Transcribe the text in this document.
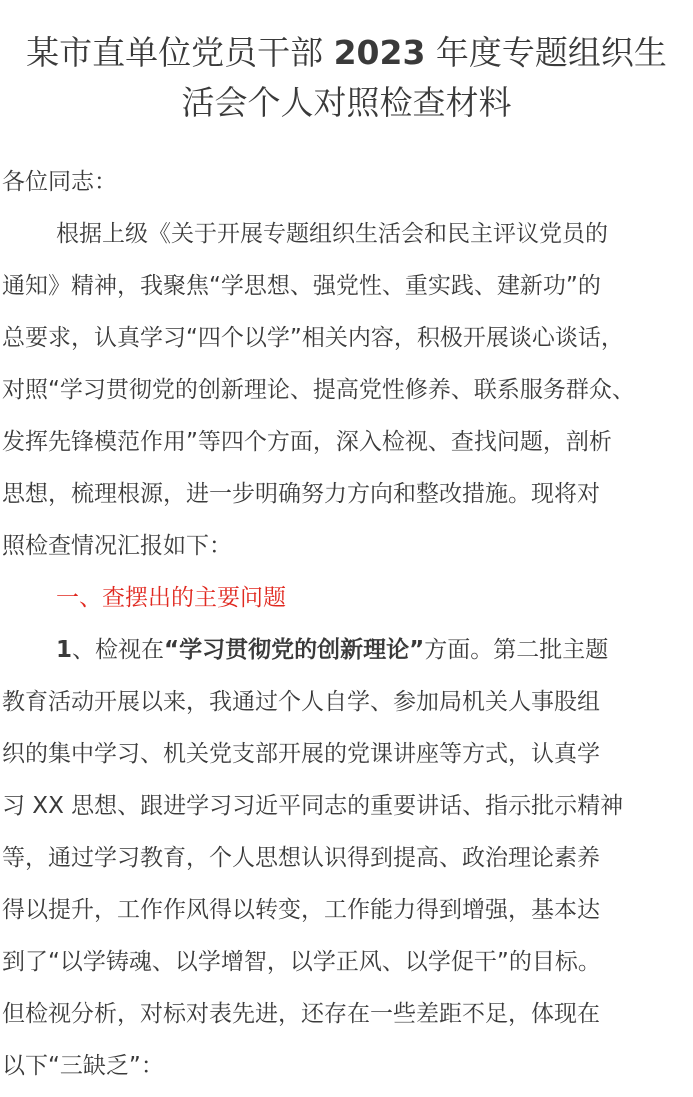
某市直单位党员干部 2023 年度专题组织生
活会个人对照检查材料
各位同志：
根据上级《关于开展专题组织生活会和民主评议党员的
通知》精神，我聚焦“学思想、强党性、重实践、建新功”的
总要求，认真学习“四个以学”相关内容，积极开展谈心谈话，
对照“学习贯彻党的创新理论、提高党性修养、联系服务群众、
发挥先锋模范作用”等四个方面，深入检视、查找问题，剖析
思想，梳理根源，进一步明确努力方向和整改措施。现将对
照检查情况汇报如下：
一、查摆出的主要问题
1、检视在“学习贯彻党的创新理论”方面。第二批主题
教育活动开展以来，我通过个人自学、参加局机关人事股组
织的集中学习、机关党支部开展的党课讲座等方式，认真学
习 XX 思想、跟进学习习近平同志的重要讲话、指示批示精神
等，通过学习教育，个人思想认识得到提高、政治理论素养
得以提升，工作作风得以转变，工作能力得到增强，基本达
到了“以学铸魂、以学增智，以学正风、以学促干”的目标。
但检视分析，对标对表先进，还存在一些差距不足，体现在
以下“三缺乏”：
